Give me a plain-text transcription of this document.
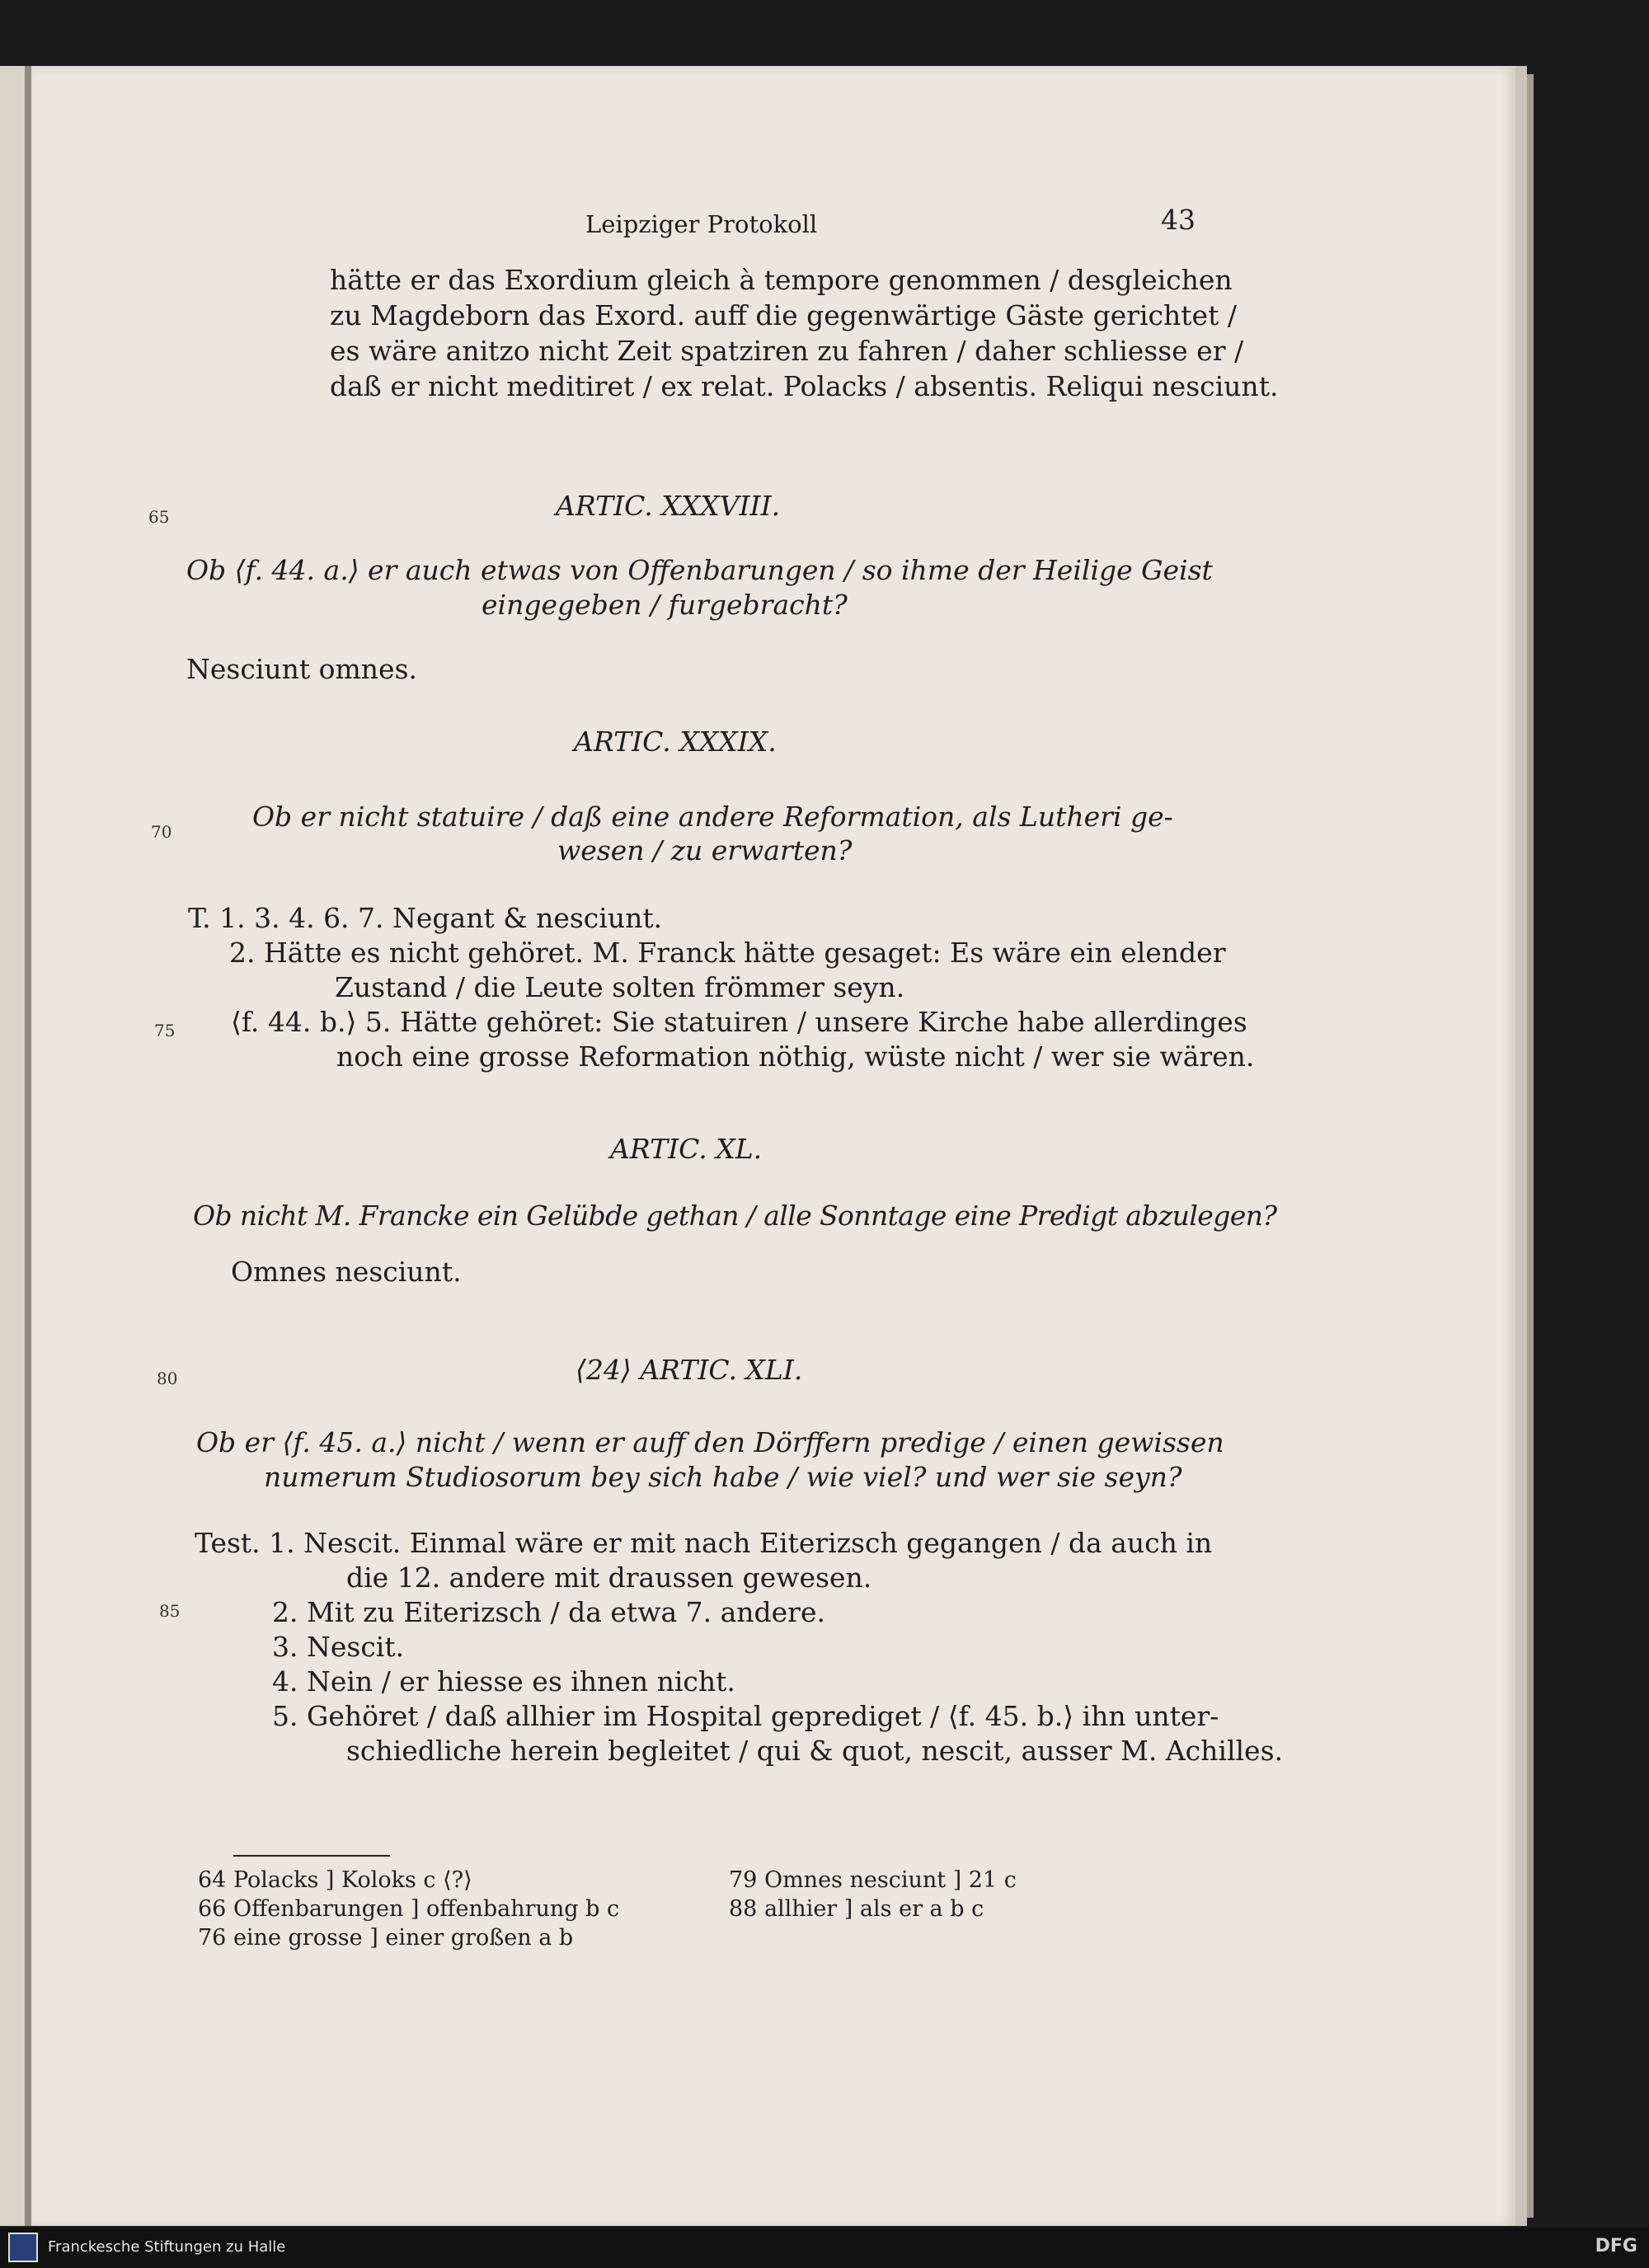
Leipziger Protokoll	43
hätte er das Exordium gleich à tempore genommen / desgleichen
zu Magdeborn das Exord. auff die gegenwärtige Gäste gerichtet /
es wäre anitzo nicht Zeit spatziren zu fahren / daher schliesse er /
daß er nicht meditiret / ex relat. Polacks / absentis. Reliqui nesciunt.
65
70
75
80
85
ARTIC. XXXVIII.
Ob ⟨f. 44. a.⟩ er auch etwas von Offenbarungen / so ihme der Heilige Geist
eingegeben / furgebracht?
Nesciunt omnes.
ARTIC. XXXIX.
Ob er nicht statuire / daß eine andere Reformation, als Lutheri ge-
wesen / zu erwarten?
T. 1. 3. 4. 6. 7. Negant & nesciunt.
2. Hätte es nicht gehöret. M. Franck hätte gesaget: Es wäre ein elender
Zustand / die Leute solten frömmer seyn.
⟨f. 44. b.⟩ 5. Hätte gehöret: Sie statuiren / unsere Kirche habe allerdinges
noch eine grosse Reformation nöthig, wüste nicht / wer sie wären.
ARTIC. XL.
Ob nicht M. Francke ein Gelübde gethan / alle Sonntage eine Predigt abzulegen?
Omnes nesciunt.
⟨24⟩ ARTIC. XLI.
Ob er ⟨f. 45. a.⟩ nicht / wenn er auff den Dörffern predige / einen gewissen
numerum Studiosorum bey sich habe / wie viel? und wer sie seyn?
Test. 1. Nescit. Einmal wäre er mit nach Eiterizsch gegangen / da auch in
die 12. andere mit draussen gewesen.
2. Mit zu Eiterizsch / da etwa 7. andere.
3. Nescit.
4. Nein / er hiesse es ihnen nicht.
5. Gehöret / daß allhier im Hospital geprediget / ⟨f. 45. b.⟩ ihn unter-
schiedliche herein begleitet / qui & quot, nescit, ausser M. Achilles.
64 Polacks ] Koloks c ⟨?⟩
66 Offenbarungen ] offenbahrung b c
76 eine grosse ] einer großen a b
79 Omnes nesciunt ] 21 c
88 allhier ] als er a b c
Franckesche Stiftungen zu Halle	DFG
